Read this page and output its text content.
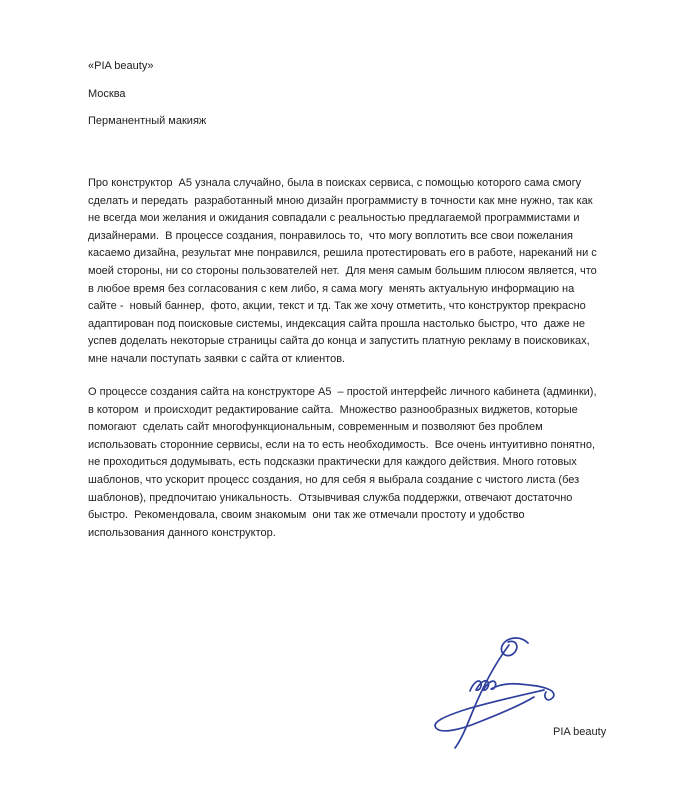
«PIA beauty»
Москва
Перманентный макияж
Про конструктор  А5 узнала случайно, была в поисках сервиса, с помощью которого сама смогу
сделать и передать  разработанный мною дизайн программисту в точности как мне нужно, так как
не всегда мои желания и ожидания совпадали с реальностью предлагаемой программистами и
дизайнерами.  В процессе создания, понравилось то,  что могу воплотить все свои пожелания
касаемо дизайна, результат мне понравился, решила протестировать его в работе, нареканий ни с
моей стороны, ни со стороны пользователей нет.  Для меня самым большим плюсом является, что
в любое время без согласования с кем либо, я сама могу  менять актуальную информацию на
сайте -  новый баннер,  фото, акции, текст и тд. Так же хочу отметить, что конструктор прекрасно
адаптирован под поисковые системы, индексация сайта прошла настолько быстро, что  даже не
успев доделать некоторые страницы сайта до конца и запустить платную рекламу в поисковиках,
мне начали поступать заявки с сайта от клиентов.
О процессе создания сайта на конструкторе А5  – простой интерфейс личного кабинета (админки),
в котором  и происходит редактирование сайта.  Множество разнообразных виджетов, которые
помогают  сделать сайт многофункциональным, современным и позволяют без проблем
использовать сторонние сервисы, если на то есть необходимость.  Все очень интуитивно понятно,
не проходиться додумывать, есть подсказки практически для каждого действия. Много готовых
шаблонов, что ускорит процесс создания, но для себя я выбрала создание с чистого листа (без
шаблонов), предпочитаю уникальность.  Отзывчивая служба поддержки, отвечают достаточно
быстро.  Рекомендовала, своим знакомым  они так же отмечали простоту и удобство
использования данного конструктор.
PIA beauty
